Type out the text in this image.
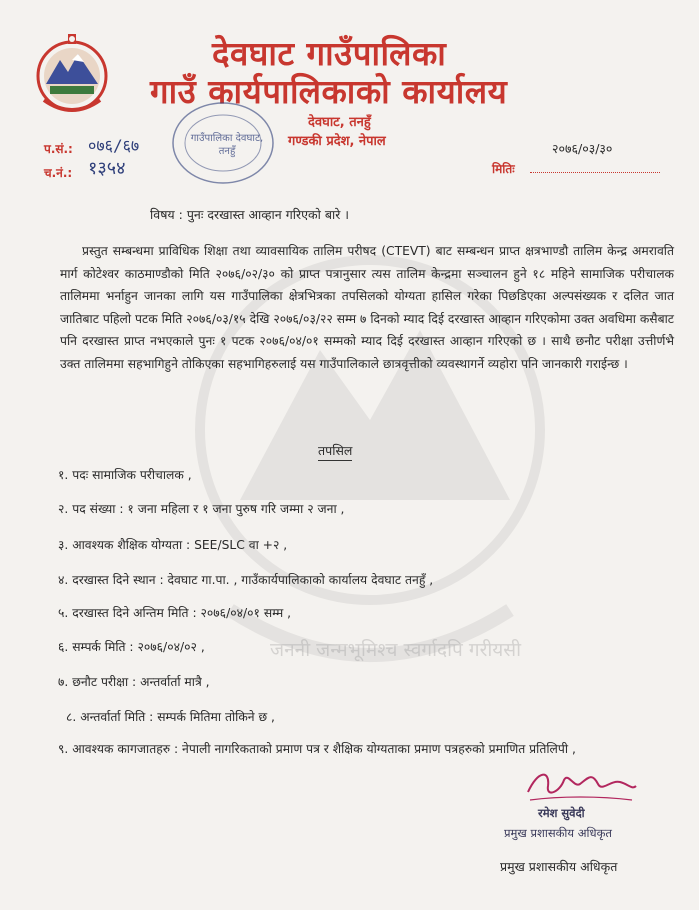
जननी जन्मभूमिश्च स्वर्गादपि गरीयसी
देवघाट गाउँपालिका
गाउँ कार्यपालिकाको कार्यालय
देवघाट, तनहुँ
गण्डकी प्रदेश, नेपाल
गाउँपालिका देवघाट, तनहुँ
प.सं.: ०७६/६७
च.नं.: १३५४
२०७६/०३/३०
मितिः
विषय : पुनः दरखास्त आव्हान गरिएको बारे ।
प्रस्तुत सम्बन्धमा प्राविधिक शिक्षा तथा व्यावसायिक तालिम परीषद (CTEVT) बाट सम्बन्धन प्राप्त क्षत्रभाण्डौ तालिम केन्द्र अमरावति मार्ग कोटेश्वर काठमाण्डौको मिति २०७६/०२/३० को प्राप्त पत्रानुसार त्यस तालिम केन्द्रमा सञ्चालन हुने १८ महिने सामाजिक परीचालक तालिममा भर्नाहुन जानका लागि यस गाउँपालिका क्षेत्रभित्रका तपसिलको योग्यता हासिल गरेका पिछडिएका अल्पसंख्यक र दलित जात जातिबाट पहिलो पटक मिति २०७६/०३/१५ देखि २०७६/०३/२२ सम्म ७ दिनको म्याद दिई दरखास्त आव्हान गरिएकोमा उक्त अवधिमा कसैबाट पनि दरखास्त प्राप्त नभएकाले पुनः १ पटक २०७६/०४/०१ सम्मको म्याद दिई दरखास्त आव्हान गरिएको छ । साथै छनौट परीक्षा उत्तीर्णभै उक्त तालिममा सहभागिहुने तोकिएका सहभागिहरुलाई यस गाउँपालिकाले छात्रवृत्तीको व्यवस्थागर्ने व्यहोरा पनि जानकारी गराईन्छ ।
तपसिल
१. पदः सामाजिक परीचालक ,
२. पद संख्या : १ जना महिला र १ जना पुरुष गरि जम्मा २ जना ,
३. आवश्यक शैक्षिक योग्यता : SEE/SLC वा +२ ,
४. दरखास्त दिने स्थान : देवघाट गा.पा. , गाउँकार्यपालिकाको कार्यालय देवघाट तनहुँ ,
५. दरखास्त दिने अन्तिम मिति : २०७६/०४/०१ सम्म ,
६. सम्पर्क मिति : २०७६/०४/०२ ,
७. छनौट परीक्षा : अन्तर्वार्ता मात्रै ,
८. अन्तर्वार्ता मिति : सम्पर्क मितिमा तोकिने छ ,
९. आवश्यक कागजातहरु : नेपाली नागरिकताको प्रमाण पत्र र शैक्षिक योग्यताका प्रमाण पत्रहरुको प्रमाणित प्रतिलिपी ,
रमेश सुवेदी
प्रमुख प्रशासकीय अधिकृत
प्रमुख प्रशासकीय अधिकृत
